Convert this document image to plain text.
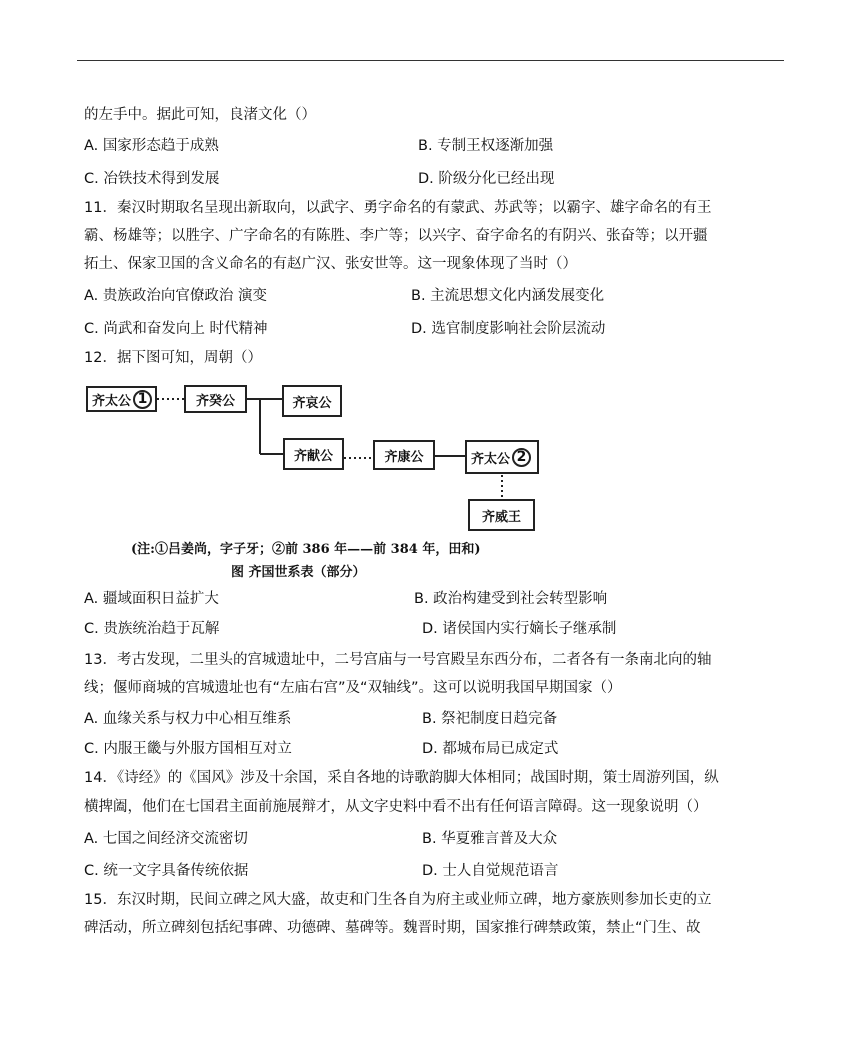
的左手中。据此可知，良渚文化（）
A. 国家形态趋于成熟	B. 专制王权逐渐加强
C. 冶铁技术得到发展	D. 阶级分化已经出现
11．秦汉时期取名呈现出新取向，以武字、勇字命名的有蒙武、苏武等；以霸字、雄字命名的有王
霸、杨雄等；以胜字、广字命名的有陈胜、李广等；以兴字、奋字命名的有阴兴、张奋等；以开疆
拓土、保家卫国的含义命名的有赵广汉、张安世等。这一现象体现了当时（）
A. 贵族政治向官僚政治 演变	B. 主流思想文化内涵发展变化
C. 尚武和奋发向上 时代精神	D. 选官制度影响社会阶层流动
12．据下图可知，周朝（）
齐太公 1	齐癸公	齐哀公
齐献公	齐康公	齐太公 2
齐威王
(注:①吕姜尚，字子牙；②前 386 年——前 384 年，田和)
图 齐国世系表（部分）
A. 疆域面积日益扩大	B. 政治构建受到社会转型影响
C. 贵族统治趋于瓦解	D. 诸侯国内实行嫡长子继承制
13．考古发现，二里头的宫城遗址中，二号宫庙与一号宫殿呈东西分布，二者各有一条南北向的轴
线；偃师商城的宫城遗址也有“左庙右宫”及“双轴线”。这可以说明我国早期国家（）
A. 血缘关系与权力中心相互维系	B. 祭祀制度日趋完备
C. 内服王畿与外服方国相互对立	D. 都城布局已成定式
14．《诗经》的《国风》涉及十余国，采自各地的诗歌韵脚大体相同；战国时期，策士周游列国，纵
横捭阖，他们在七国君主面前施展辩才，从文字史料中看不出有任何语言障碍。这一现象说明（）
A. 七国之间经济交流密切	B. 华夏雅言普及大众
C. 统一文字具备传统依据	D. 士人自觉规范语言
15．东汉时期，民间立碑之风大盛，故吏和门生各自为府主或业师立碑，地方豪族则参加长吏的立
碑活动，所立碑刻包括纪事碑、功德碑、墓碑等。魏晋时期，国家推行碑禁政策，禁止“门生、故
